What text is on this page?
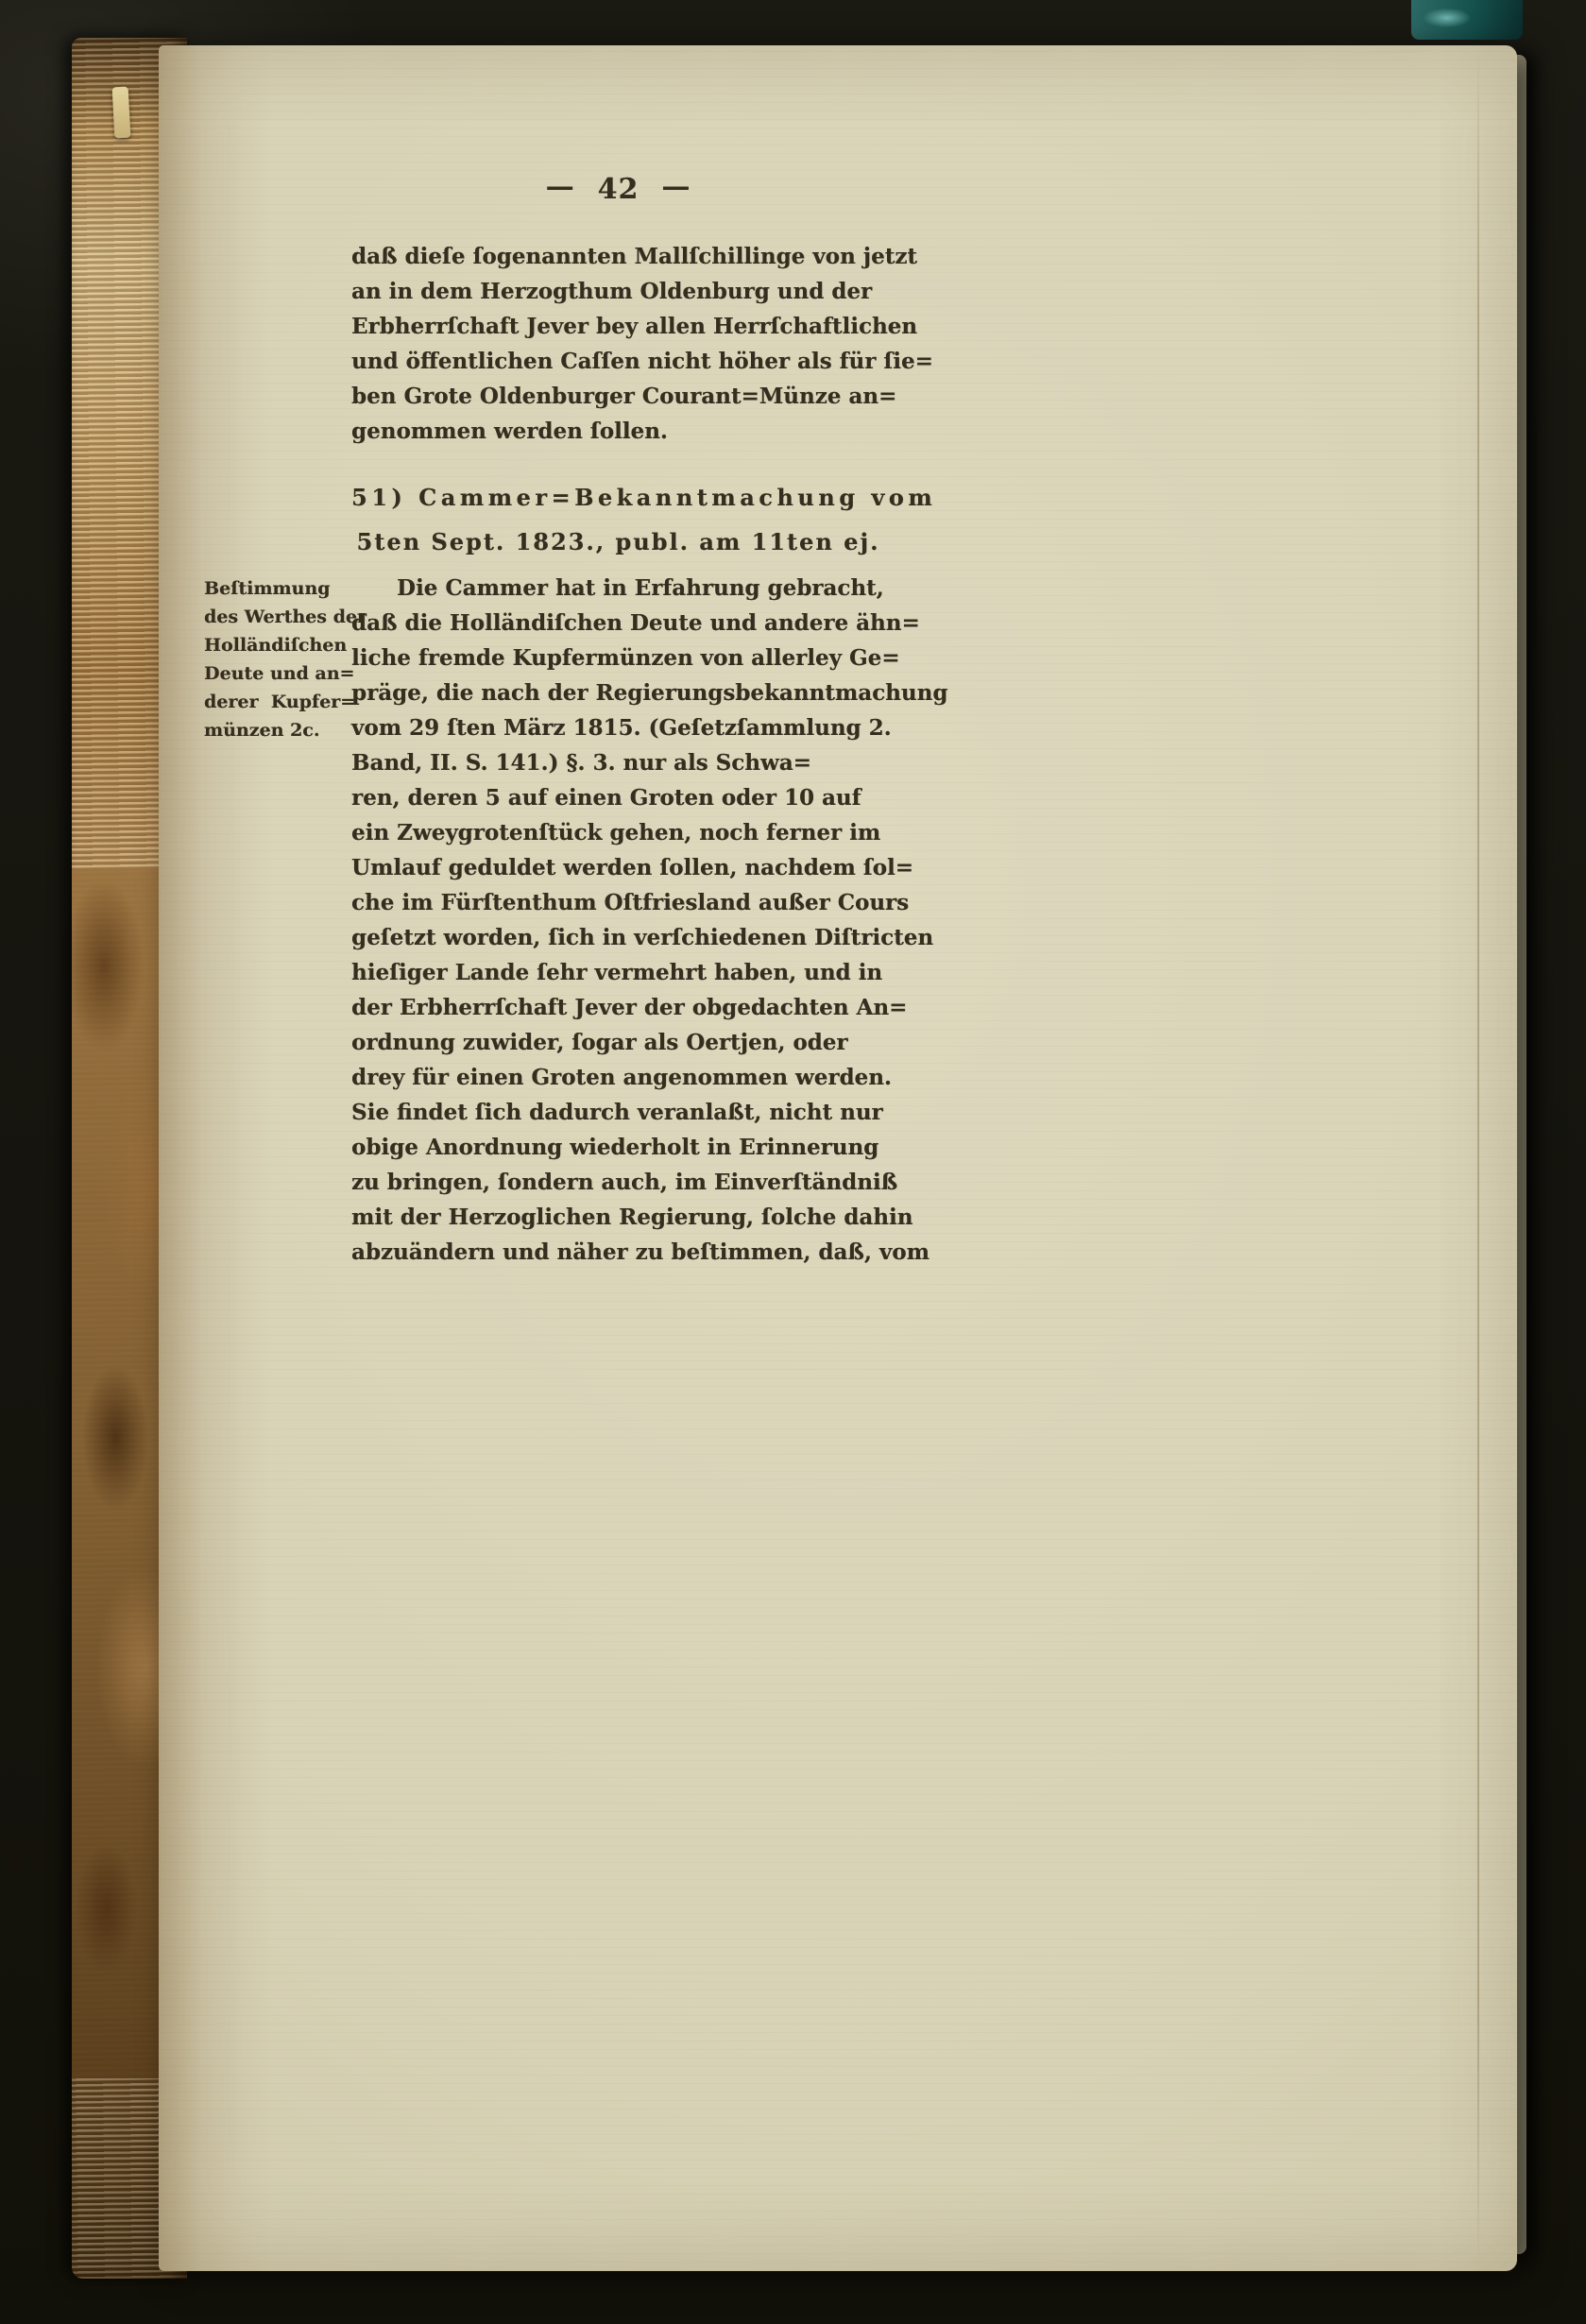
— 42 —
daß dieſe ſogenannten Mallſchillinge von jetzt
an in dem Herzogthum Oldenburg und der
Erbherrſchaft Jever bey allen Herrſchaftlichen
und öffentlichen Caſſen nicht höher als für ſie=
ben Grote Oldenburger Courant=Münze an=
genommen werden ſollen.
51) Cammer=Bekanntmachung vom
5ten Sept. 1823., publ. am 11ten ej.
Beſtimmung
des Werthes der
Holländiſchen
Deute und an=
derer  Kupfer=
münzen 2c.
Die Cammer hat in Erfahrung gebracht,
daß die Holländiſchen Deute und andere ähn=
liche fremde Kupfermünzen von allerley Ge=
präge, die nach der Regierungsbekanntmachung
vom 29 ſten März 1815. (Geſetzſammlung 2.
Band, II. S. 141.) §. 3. nur als Schwa=
ren, deren 5 auf einen Groten oder 10 auf
ein Zweygrotenſtück gehen, noch ferner im
Umlauf geduldet werden ſollen, nachdem ſol=
che im Fürſtenthum Oſtfriesland außer Cours
geſetzt worden, ſich in verſchiedenen Diſtricten
hieſiger Lande ſehr vermehrt haben, und in
der Erbherrſchaft Jever der obgedachten An=
ordnung zuwider, ſogar als Oertjen, oder
drey für einen Groten angenommen werden.
Sie findet ſich dadurch veranlaßt, nicht nur
obige Anordnung wiederholt in Erinnerung
zu bringen, ſondern auch, im Einverſtändniß
mit der Herzoglichen Regierung, ſolche dahin
abzuändern und näher zu beſtimmen, daß, vom
